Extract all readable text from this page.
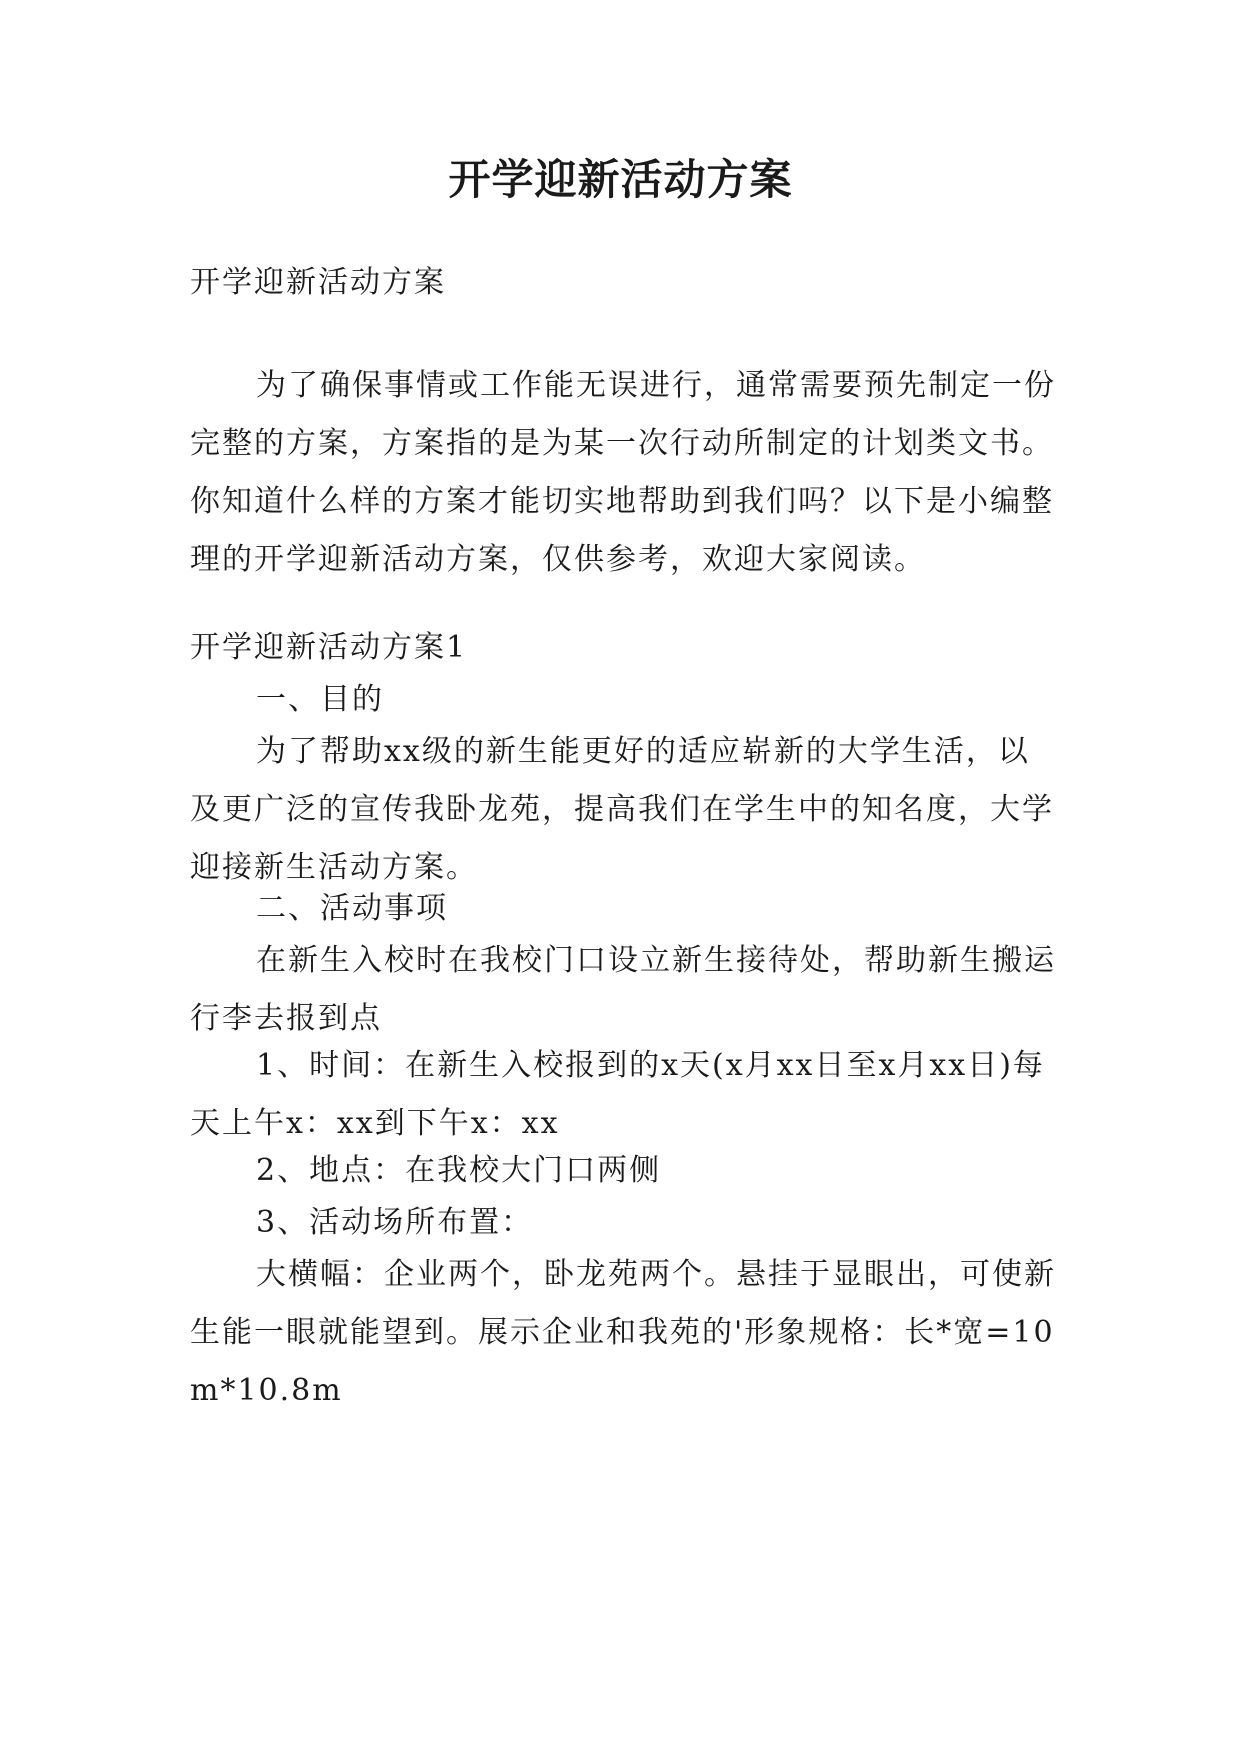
开学迎新活动方案

开学迎新活动方案

为了确保事情或工作能无误进行，通常需要预先制定一份完整的方案，方案指的是为某一次行动所制定的计划类文书。你知道什么样的方案才能切实地帮助到我们吗？以下是小编整理的开学迎新活动方案，仅供参考，欢迎大家阅读。

开学迎新活动方案1

一、目的

为了帮助xx级的新生能更好的适应崭新的大学生活，以及更广泛的宣传我卧龙苑，提高我们在学生中的知名度，大学迎接新生活动方案。

二、活动事项

在新生入校时在我校门口设立新生接待处，帮助新生搬运行李去报到点

1、时间：在新生入校报到的x天(x月xx日至x月xx日)每天上午x：xx到下午x：xx

2、地点：在我校大门口两侧

3、活动场所布置：

大横幅：企业两个，卧龙苑两个。悬挂于显眼出，可使新生能一眼就能望到。展示企业和我苑的'形象规格：长*宽=10m*10.8m
